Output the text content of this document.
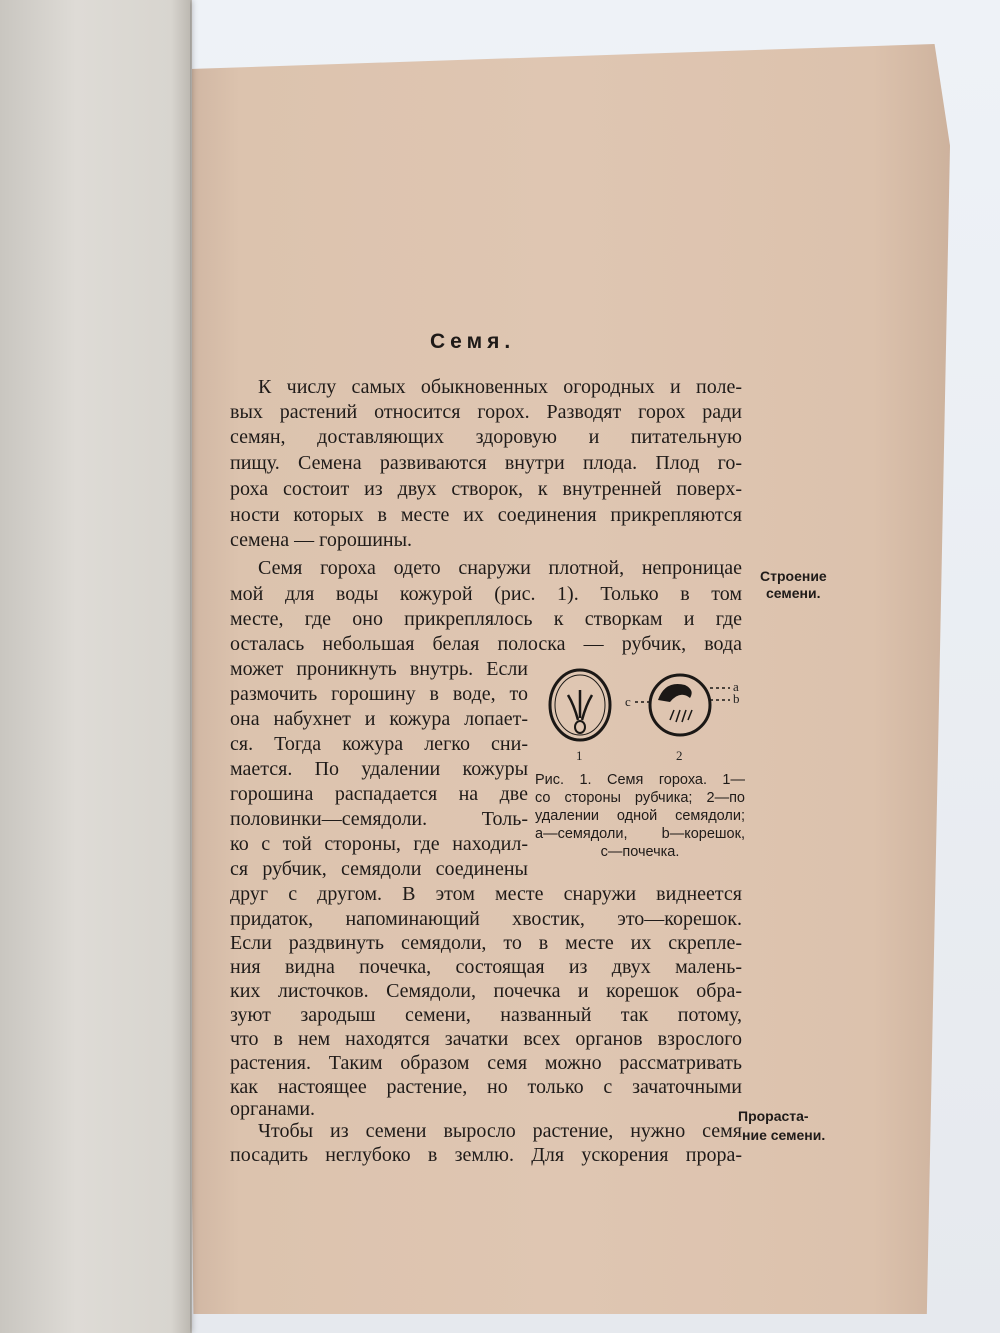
Семя.
К числу самых обыкновенных огородных и поле-
вых растений относится горох. Разводят горох ради
семян, доставляющих здоровую и питательную
пищу. Семена развиваются внутри плода. Плод го-
роха состоит из двух створок, к внутренней поверх-
ности которых в месте их соединения прикрепляются
семена — горошины.
Семя гороха одето снаружи плотной, непроницае
мой для воды кожурой (рис. 1). Только в том
месте, где оно прикреплялось к створкам и где
осталась небольшая белая полоска — рубчик, вода
может проникнуть внутрь. Если
размочить горошину в воде, то
она набухнет и кожура лопает-
ся. Тогда кожура легко сни-
мается. По удалении кожуры
горошина распадается на две
половинки—семядоли. Толь-
ко с той стороны, где находил-
ся рубчик, семядоли соединены
друг с другом. В этом месте снаружи виднеется
придаток, напоминающий хвостик, это—корешок.
Если раздвинуть семядоли, то в месте их скрепле-
ния видна почечка, состоящая из двух малень-
ких листочков. Семядоли, почечка и корешок обра-
зуют зародыш семени, названный так потому,
что в нем находятся зачатки всех органов взрослого
растения. Таким образом семя можно рассматривать
как настоящее растение, но только с зачаточными
органами.
Чтобы из семени выросло растение, нужно семя
посадить неглубоко в землю. Для ускорения прора-
c
a
b
1	2
Рис. 1. Семя гороха. 1—
со стороны рубчика; 2—по
удалении одной семядоли;
а—семядоли, b—корешок,
с—почечка.
Строение
семени.
Прораста-
ние семени.
